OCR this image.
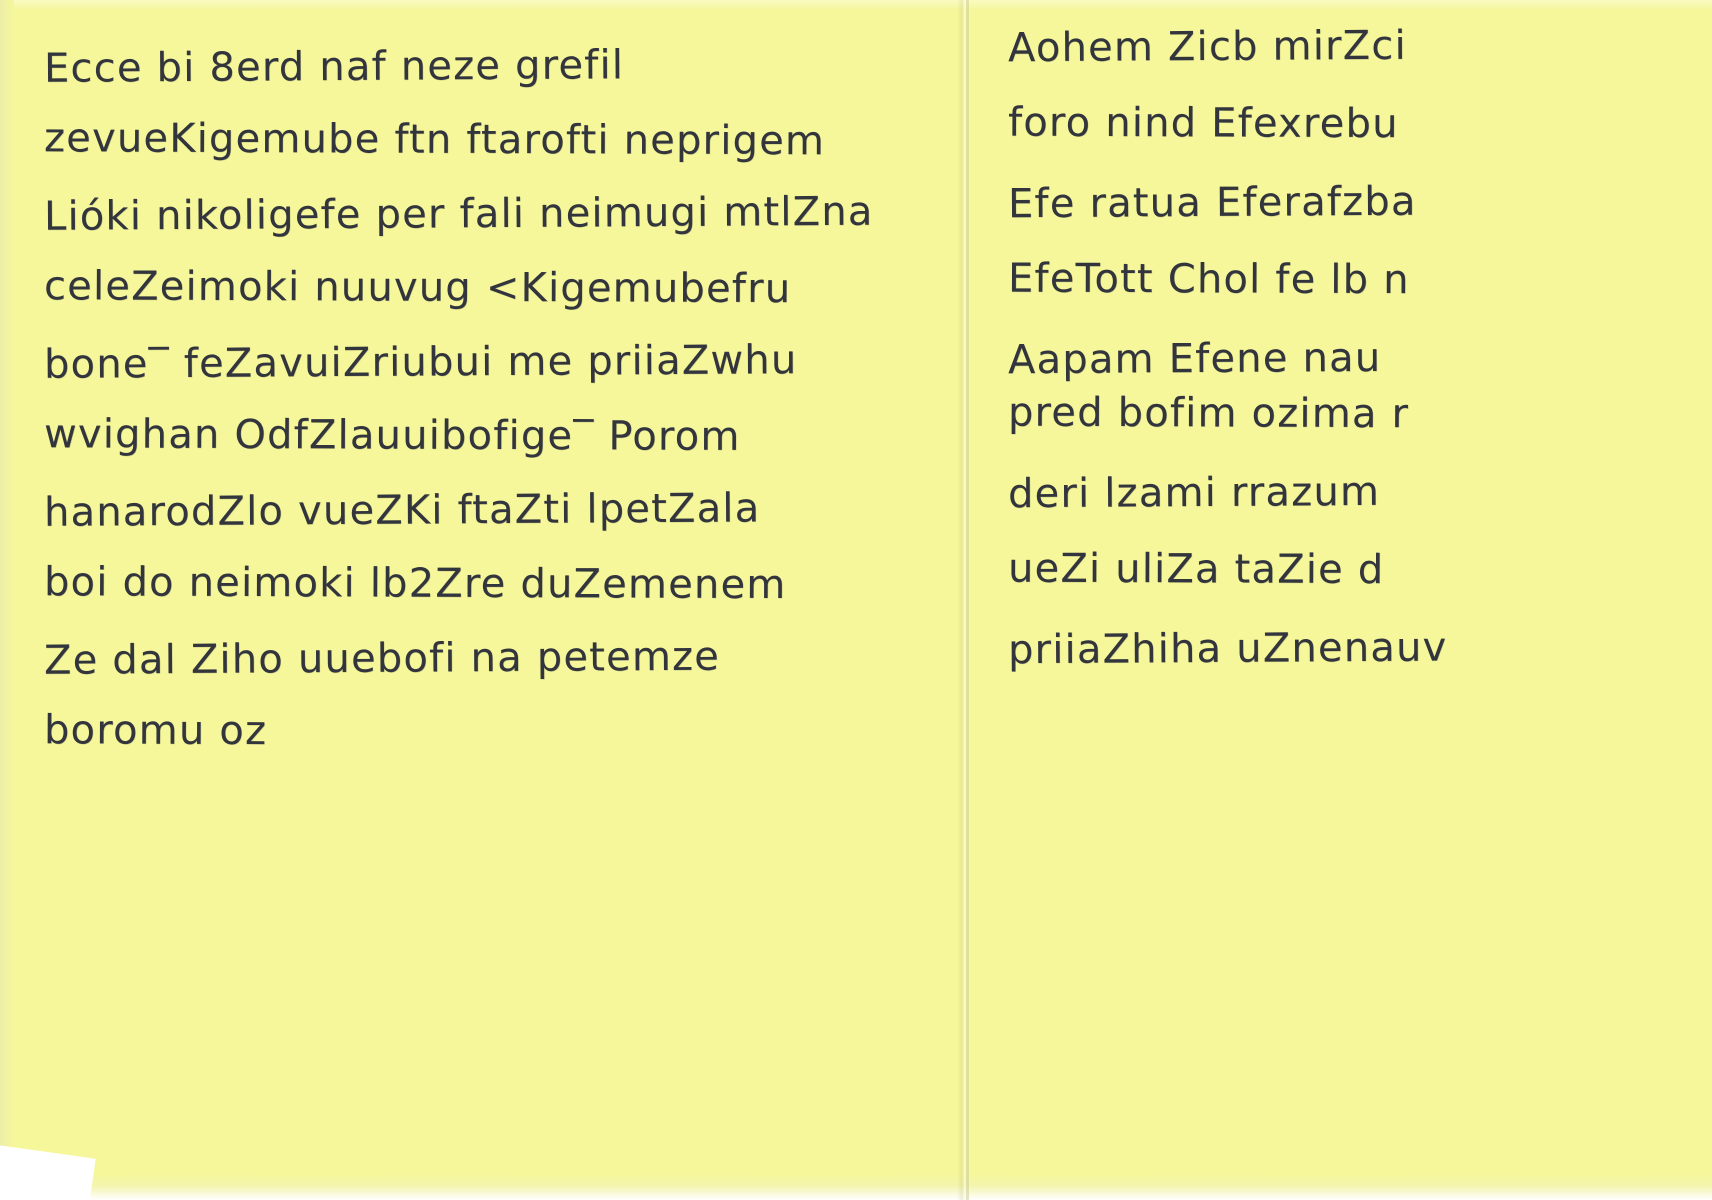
Ecce bi 8erd naf neze grefil
zevueKigemube ftn ftarofti neprigem
Lióki nikoligefe per fali neimugi mtlZna
celeZeimoki nuuvug <Kigemubefru
bone‾ feZavuiZriubui me priiaZwhu
wvighan OdfZlauuibofige‾ Porom
hanarodZlo vueZKi ftaZti lpetZala
boi do neimoki lb2Zre duZemenem
Ze dal Ziho uuebofi na petemze
boromu oz
Aohem Zicb mirZci
foro nind Efexrebu
Efe ratua Eferafzba
EfeTott Chol fe lb n
Aapam Efene nau
pred bofim ozima r
deri lzami rrazum
ueZi uliZa taZie d
priiaZhiha uZnenauv
